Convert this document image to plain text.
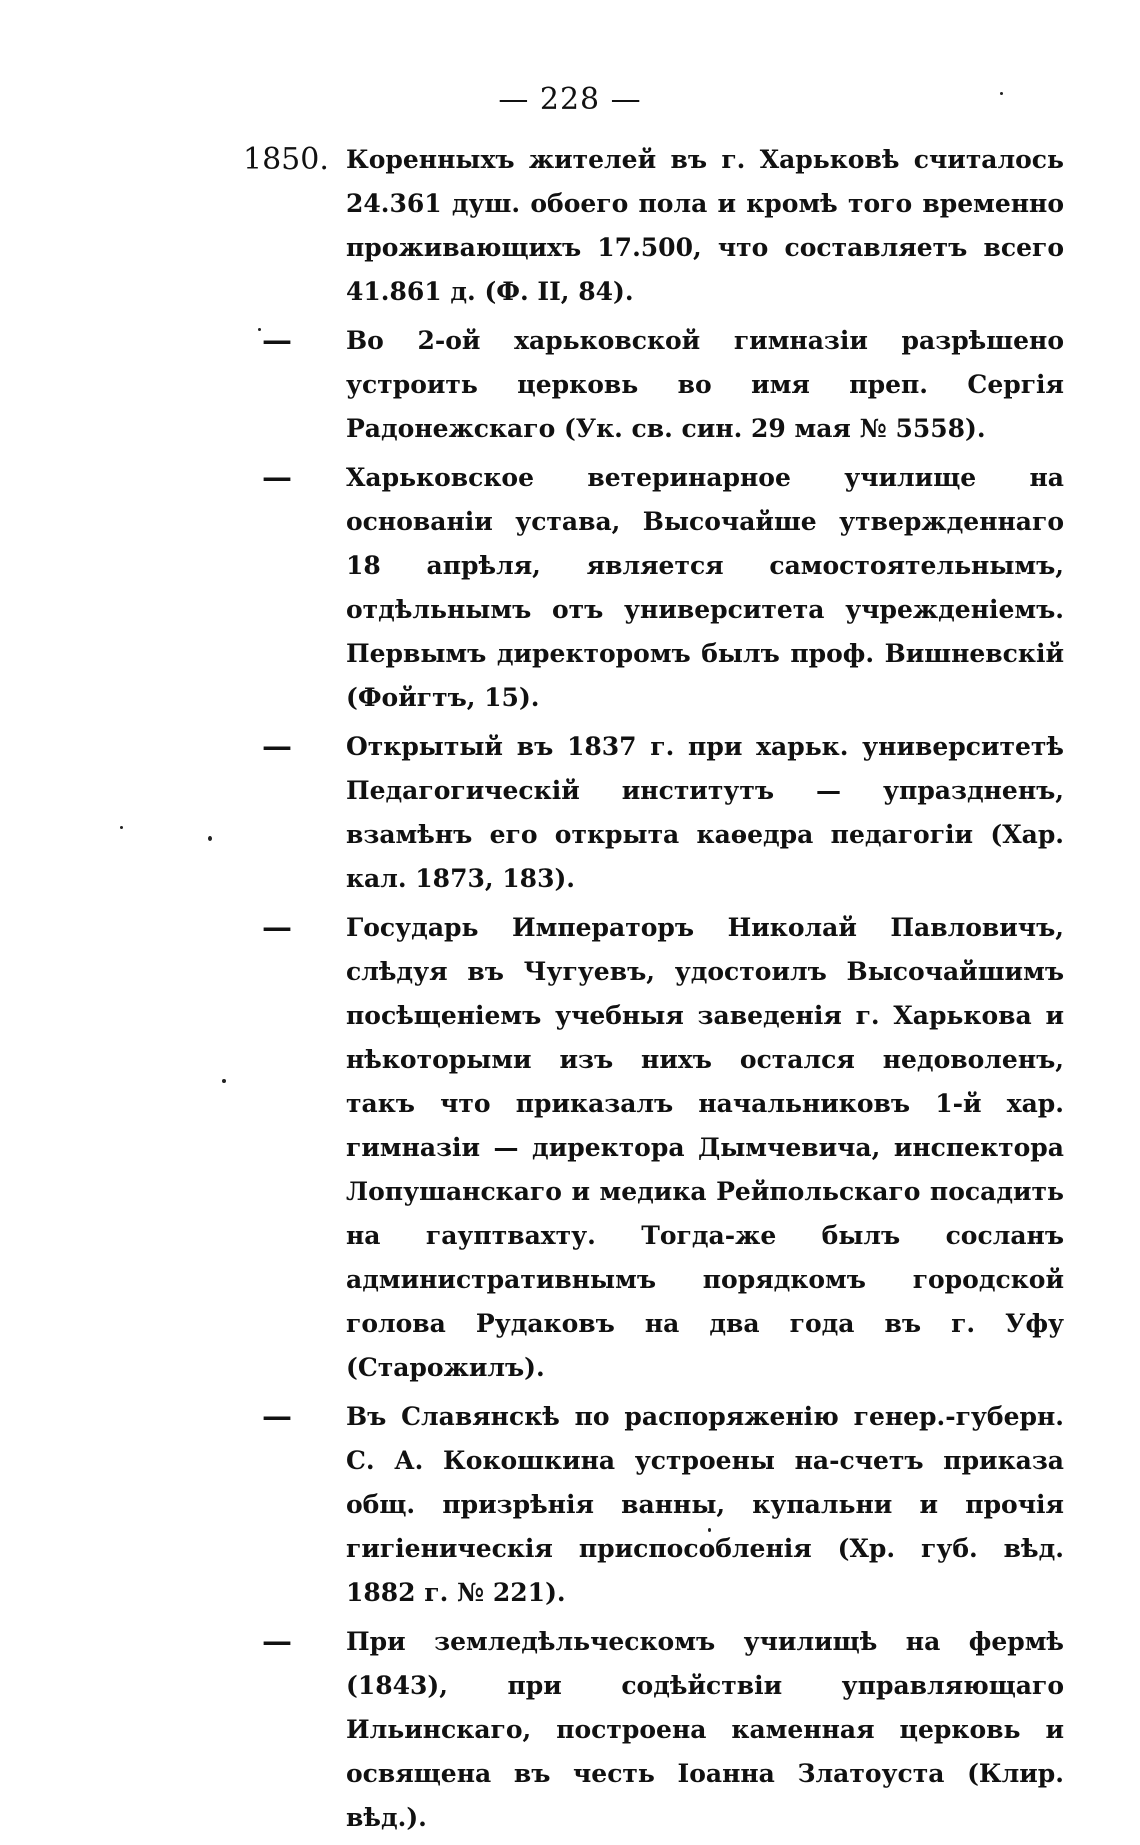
— 228 —
1850. Коренныхъ жителей въ г. Харьковѣ считалось 24.361 душ. обоего пола и кромѣ того временно проживающихъ 17.500, что составляетъ всего 41.861 д. (Ф. II, 84).
—	Во 2-ой харьковской гимназіи разрѣшено устроить церковь во имя преп. Сергія Радонежскаго (Ук. св. син. 29 мая № 5558).
—	Харьковское ветеринарное училище на основаніи устава, Высочайше утвержденнаго 18 апрѣля, является самостоятельнымъ, отдѣльнымъ отъ университета учрежденіемъ. Первымъ директоромъ былъ проф. Вишневскій (Фойгтъ, 15).
—	Открытый въ 1837 г. при харьк. университетѣ Педагогическій институтъ — упраздненъ, взамѣнъ его открыта каѳедра педагогіи (Хар. кал. 1873, 183).
—	Государь Императоръ Николай Павловичъ, слѣдуя въ Чугуевъ, удостоилъ Высочайшимъ посѣщеніемъ учебныя заведенія г. Харькова и нѣкоторыми изъ нихъ остался недоволенъ, такъ что приказалъ начальниковъ 1-й хар. гимназіи — директора Дымчевича, инспектора Лопушанскаго и медика Рейпольскаго посадить на гауптвахту. Тогда-же былъ сосланъ административнымъ порядкомъ городской голова Рудаковъ на два года въ г. Уфу (Старожилъ).
—	Въ Славянскѣ по распоряженію генер.-губерн. С. А. Кокошкина устроены на-счетъ приказа общ. призрѣнія ванны, купальни и прочія гигіеническія приспособленія (Хр. губ. вѣд. 1882 г. № 221).
—	При земледѣльческомъ училищѣ на фермѣ (1843), при содѣйствіи управляющаго Ильинскаго, построена каменная церковь и освящена въ честь Іоанна Златоуста (Клир. вѣд.).
